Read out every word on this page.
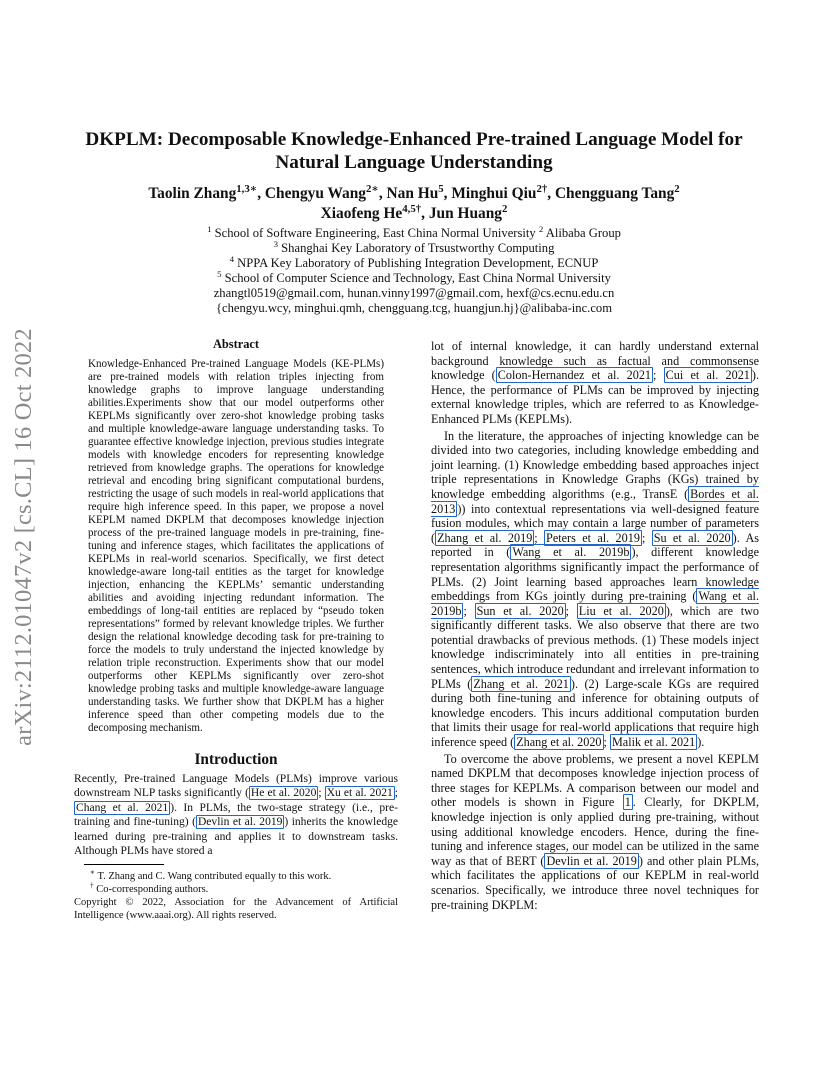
arXiv:2112.01047v2 [cs.CL] 16 Oct 2022
DKPLM: Decomposable Knowledge-Enhanced Pre-trained Language Model for
Natural Language Understanding
Taolin Zhang$^{1,3∗}$, Chengyu Wang$^{2∗}$, Nan Hu$^5$, Minghui Qiu$^{2\dagger}$, Chengguang Tang$^2$
Xiaofeng $He^{4,5\dagger}$, Jun Huang$^2$
$^1$ School of Software Engineering, East China Normal University $^2$ Alibaba Group
$^3$ Shanghai Key Laboratory of Trsustworthy Computing
$^4$ NPPA Key Laboratory of Publishing Integration Development, ECNUP
$^5$ School of Computer Science and Technology, East China Normal University
zhangtl0519@gmail.com, hunan.vinny1997@gmail.com, hexf@cs.ecnu.edu.cn
{chengyu.wcy, minghui.qmh, chengguang.tcg, huangjun.hj}@alibaba-inc.com
Abstract
Knowledge-Enhanced Pre-trained Language Models (KE-PLMs) are pre-trained models with relation triples injecting from knowledge graphs to improve language understanding abilities.Experiments show that our model outperforms other KEPLMs significantly over zero-shot knowledge probing tasks and multiple knowledge-aware language understanding tasks. To guarantee effective knowledge injection, previous studies integrate models with knowledge encoders for representing knowledge retrieved from knowledge graphs. The operations for knowledge retrieval and encoding bring significant computational burdens, restricting the usage of such models in real-world applications that require high inference speed. In this paper, we propose a novel KEPLM named DKPLM that decomposes knowledge injection process of the pre-trained language models in pre-training, fine-tuning and inference stages, which facilitates the applications of KEPLMs in real-world scenarios. Specifically, we first detect knowledge-aware long-tail entities as the target for knowledge injection, enhancing the KEPLMs’ semantic understanding abilities and avoiding injecting redundant information. The embeddings of long-tail entities are replaced by “pseudo token representations” formed by relevant knowledge triples. We further design the relational knowledge decoding task for pre-training to force the models to truly understand the injected knowledge by relation triple reconstruction. Experiments show that our model outperforms other KEPLMs significantly over zero-shot knowledge probing tasks and multiple knowledge-aware language understanding tasks. We further show that DKPLM has a higher inference speed than other competing models due to the decomposing mechanism.
Introduction

Recently, Pre-trained Language Models (PLMs) improve various downstream NLP tasks significantly ( He et al. 2020 ; Xu et al. 2021 ; Chang et al. 2021 ). In PLMs, the two-stage strategy (i.e., pre-training and fine-tuning) ( Devlin et al. 2019 ) inherits the knowledge learned during pre-training and applies it to downstream tasks. Although PLMs have stored a

∗ T. Zhang and C. Wang contributed equally to this work.
† Co-corresponding authors.
Copyright © 2022, Association for the Advancement of Artificial Intelligence (www.aaai.org). All rights reserved.

lot of internal knowledge, it can hardly understand external background knowledge such as factual and commonsense knowledge ( Colon-Hernandez et al. 2021 ; Cui et al. 2021 ). Hence, the performance of PLMs can be improved by injecting external knowledge triples, which are referred to as Knowledge-Enhanced PLMs (KEPLMs).

In the literature, the approaches of injecting knowledge can be divided into two categories, including knowledge embedding and joint learning. (1) Knowledge embedding based approaches inject triple representations in Knowledge Graphs (KGs) trained by knowledge embedding algorithms (e.g., TransE ( Bordes et al. 2013 )) into contextual representations via well-designed feature fusion modules, which may contain a large number of parameters ( Zhang et al. 2019 ; Peters et al. 2019 ; Su et al. 2020 ). As reported in ( Wang et al. 2019b ), different knowledge representation algorithms significantly impact the performance of PLMs. (2) Joint learning based approaches learn knowledge embeddings from KGs jointly during pre-training ( Wang et al. 2019b ; Sun et al. 2020 ; Liu et al. 2020 ), which are two significantly different tasks. We also observe that there are two potential drawbacks of previous methods. (1) These models inject knowledge indiscriminately into all entities in pre-training sentences, which introduce redundant and irrelevant information to PLMs ( Zhang et al. 2021 ). (2) Large-scale KGs are required during both fine-tuning and inference for obtaining outputs of knowledge encoders. This incurs additional computation burden that limits their usage for real-world applications that require high inference speed ( Zhang et al. 2020 ; Malik et al. 2021 ).

To overcome the above problems, we present a novel KEPLM named DKPLM that decomposes knowledge injection process of three stages for KEPLMs. A comparison between our model and other models is shown in Figure 1 . Clearly, for DKPLM, knowledge injection is only applied during pre-training, without using additional knowledge encoders. Hence, during the fine-tuning and inference stages, our model can be utilized in the same way as that of BERT ( Devlin et al. 2019 ) and other plain PLMs, which facilitates the applications of our KEPLM in real-world scenarios. Specifically, we introduce three novel techniques for pre-training DKPLM:
